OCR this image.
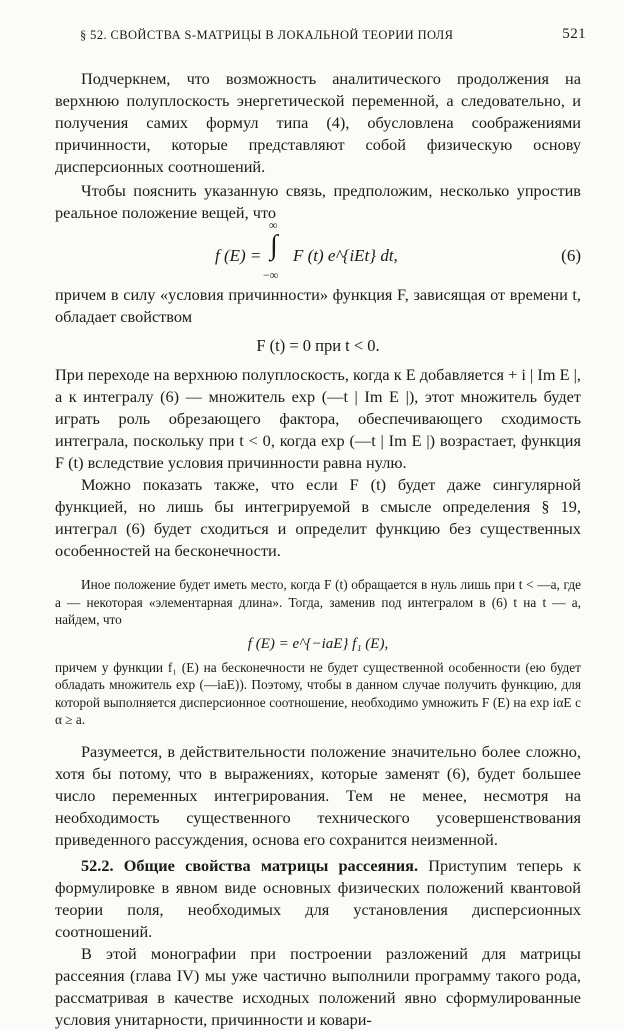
§ 52. СВОЙСТВА S-МАТРИЦЫ В ЛОКАЛЬНОЙ ТЕОРИИ ПОЛЯ	521

Подчеркнем, что возможность аналитического продолжения на верхнюю полуплоскость энергетической переменной, а следовательно, и получения самих формул типа (4), обусловлена соображениями причинности, которые представляют собой физическую основу дисперсионных соотношений.

Чтобы пояснить указанную связь, предположим, несколько упростив реальное положение вещей, что

f (E) =
∞
∫
−∞
F (t) e^{iEt} dt,	(6)

причем в силу «условия причинности» функция F, зависящая от времени t, обладает свойством

F (t) = 0 при t < 0.

При переходе на верхнюю полуплоскость, когда к E добавляется + i | Im E |, а к интегралу (6) — множитель exp (—t | Im E |), этот множитель будет играть роль обрезающего фактора, обеспечивающего сходимость интеграла, поскольку при t < 0, когда exp (—t | Im E |) возрастает, функция F (t) вследствие условия причинности равна нулю.

Можно показать также, что если F (t) будет даже сингулярной функцией, но лишь бы интегрируемой в смысле определения § 19, интеграл (6) будет сходиться и определит функцию без существенных особенностей на бесконечности.

Иное положение будет иметь место, когда F (t) обращается в нуль лишь при t < —a, где a — некоторая «элементарная длина». Тогда, заменив под интегралом в (6) t на t — a, найдем, что

f (E) = e^{−iaE} f₁ (E),

причем у функции f₁ (E) на бесконечности не будет существенной особенности (ею будет обладать множитель exp (—iaE)). Поэтому, чтобы в данном случае получить функцию, для которой выполняется дисперсионное соотношение, необходимо умножить F (E) на exp iαE c α ≥ a.

Разумеется, в действительности положение значительно более сложно, хотя бы потому, что в выражениях, которые заменят (6), будет большее число переменных интегрирования. Тем не менее, несмотря на необходимость существенного технического усовершенствования приведенного рассуждения, основа его сохранится неизменной.

52.2. Общие свойства матрицы рассеяния. Приступим теперь к формулировке в явном виде основных физических положений квантовой теории поля, необходимых для установления дисперсионных соотношений.

В этой монографии при построении разложений для матрицы рассеяния (глава IV) мы уже частично выполнили программу такого рода, рассматривая в качестве исходных положений явно сформулированные условия унитарности, причинности и ковари-
